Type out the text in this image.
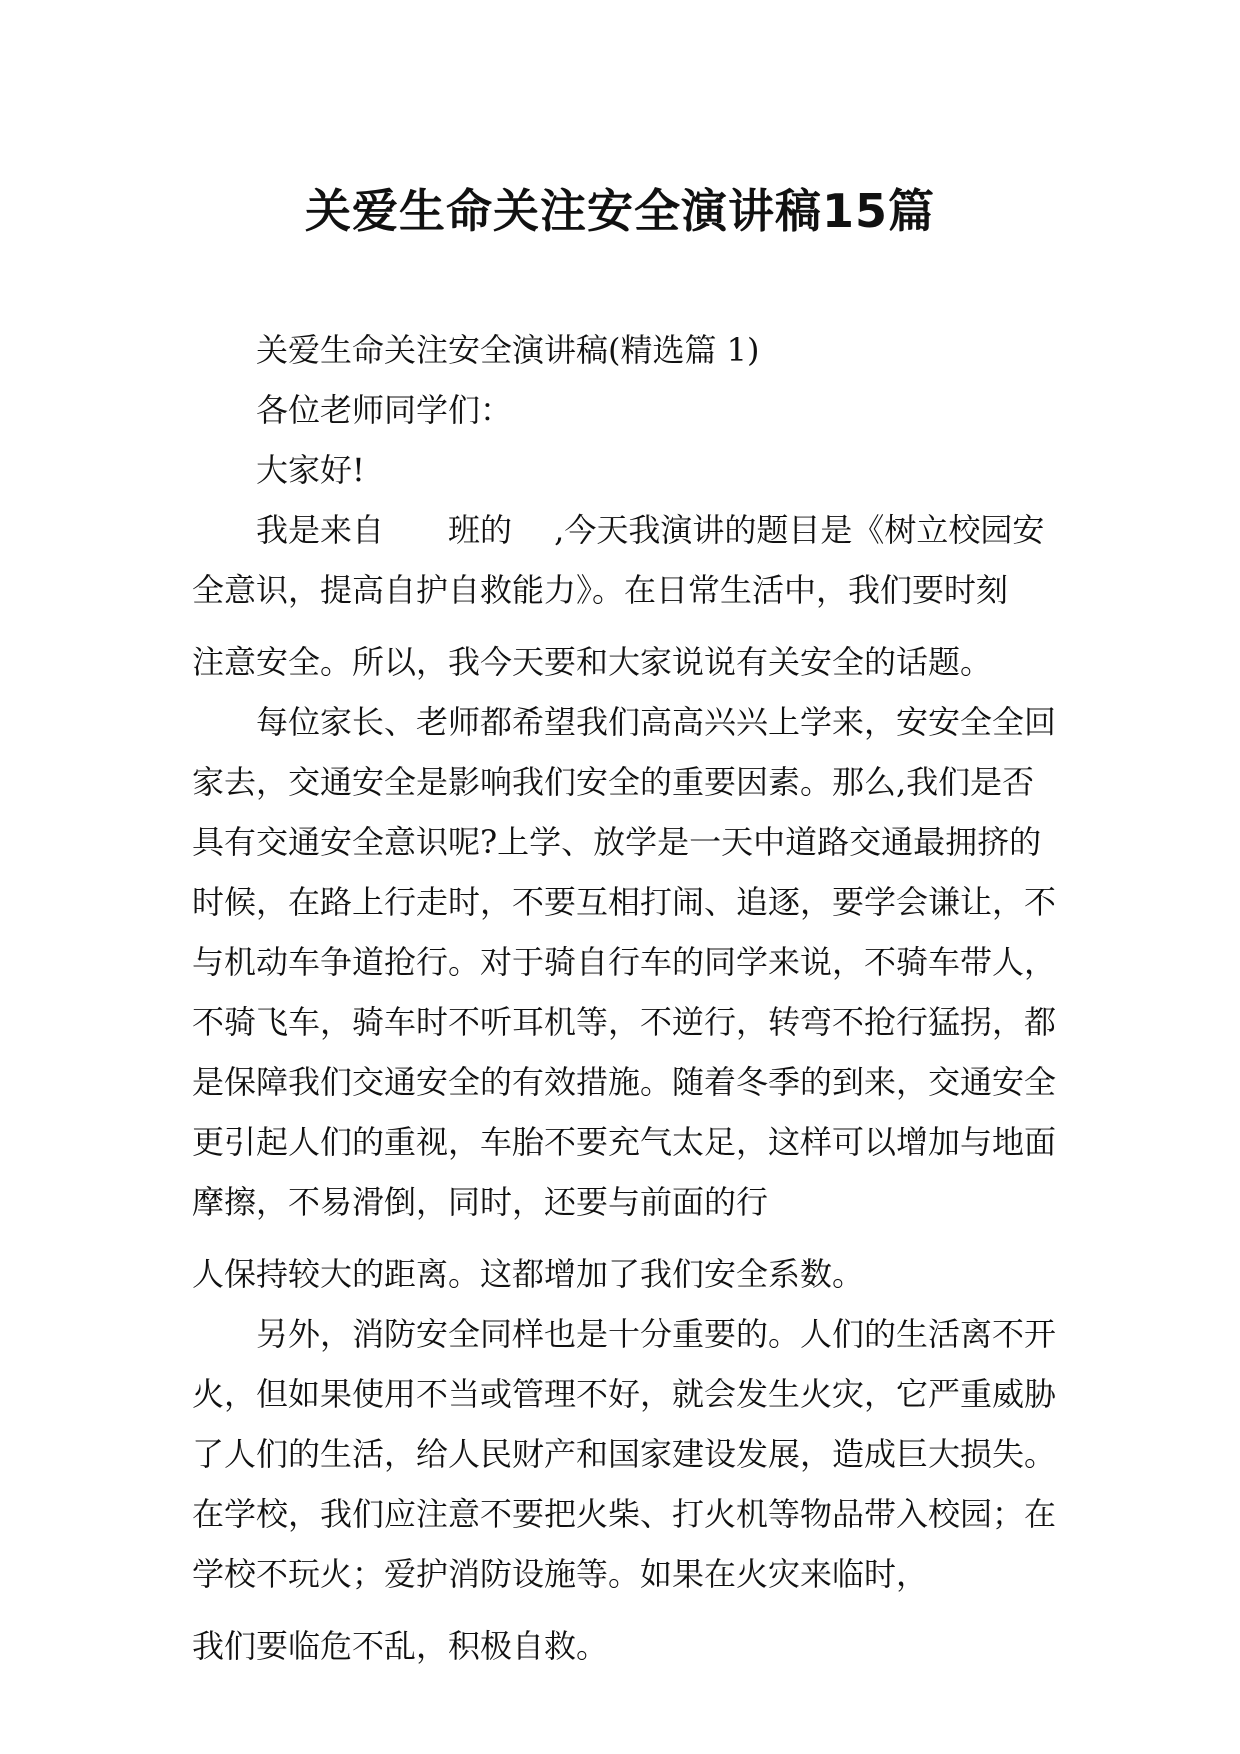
关爱生命关注安全演讲稿15篇

关爱生命关注安全演讲稿(精选篇 1)

各位老师同学们：

大家好!

我是来自　　班的　 ,今天我演讲的题目是《树立校园安　全意识，提高自护自救能力》。在日常生活中，我们要时刻

注意安全。所以，我今天要和大家说说有关安全的话题。

每位家长、老师都希望我们高高兴兴上学来，安安全全回家去，交通安全是影响我们安全的重要因素。那么,我们是否具有交通安全意识呢?上学、放学是一天中道路交通最拥挤的时候，在路上行走时，不要互相打闹、追逐，要学会谦让，不与机动车争道抢行。对于骑自行车的同学来说，不骑车带人，不骑飞车，骑车时不听耳机等，不逆行，转弯不抢行猛拐，都是保障我们交通安全的有效措施。随着冬季的到来，交通安全更引起人们的重视，车胎不要充气太足，这样可以增加与地面摩擦，不易滑倒，同时，还要与前面的行

人保持较大的距离。这都增加了我们安全系数。

另外，消防安全同样也是十分重要的。人们的生活离不开火，但如果使用不当或管理不好，就会发生火灾，它严重威胁了人们的生活，给人民财产和国家建设发展，造成巨大损失。在学校，我们应注意不要把火柴、打火机等物品带入校园；在学校不玩火；爱护消防设施等。如果在火灾来临时，

我们要临危不乱，积极自救。
